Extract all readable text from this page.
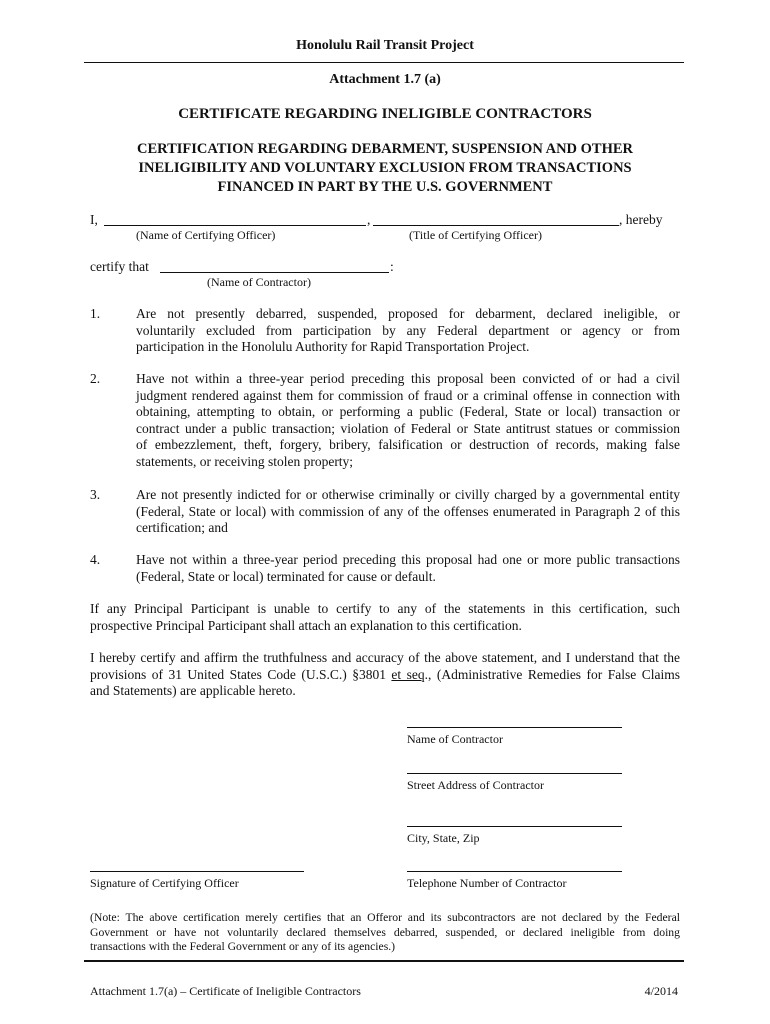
Honolulu Rail Transit Project
Attachment 1.7 (a)
CERTIFICATE REGARDING INELIGIBLE CONTRACTORS
CERTIFICATION REGARDING DEBARMENT, SUSPENSION AND OTHER
INELIGIBILITY AND VOLUNTARY EXCLUSION FROM TRANSACTIONS
FINANCED IN PART BY THE U.S. GOVERNMENT
I,	,	, hereby
(Name of Certifying Officer)	(Title of Certifying Officer)
certify that	:
(Name of Contractor)
1.	Are not presently debarred, suspended, proposed for debarment, declared ineligible, or
voluntarily excluded from participation by any Federal department or agency or from
participation in the Honolulu Authority for Rapid Transportation Project.
2.	Have not within a three-year period preceding this proposal been convicted of or had a civil
judgment rendered against them for commission of fraud or a criminal offense in connection with
obtaining, attempting to obtain, or performing a public (Federal, State or local) transaction or
contract under a public transaction; violation of Federal or State antitrust statues or commission
of embezzlement, theft, forgery, bribery, falsification or destruction of records, making false
statements, or receiving stolen property;
3.	Are not presently indicted for or otherwise criminally or civilly charged by a governmental entity
(Federal, State or local) with commission of any of the offenses enumerated in Paragraph 2 of this
certification; and
4.	Have not within a three-year period preceding this proposal had one or more public transactions
(Federal, State or local) terminated for cause or default.
If any Principal Participant is unable to certify to any of the statements in this certification, such
prospective Principal Participant shall attach an explanation to this certification.
I hereby certify and affirm the truthfulness and accuracy of the above statement, and I understand that the
provisions of 31 United States Code (U.S.C.) §3801 et seq., (Administrative Remedies for False Claims
and Statements) are applicable hereto.
Name of Contractor
Street Address of Contractor
City, State, Zip
Signature of Certifying Officer	Telephone Number of Contractor
(Note: The above certification merely certifies that an Offeror and its subcontractors are not declared by the Federal
Government or have not voluntarily declared themselves debarred, suspended, or declared ineligible from doing
transactions with the Federal Government or any of its agencies.)
Attachment 1.7(a) – Certificate of Ineligible Contractors	4/2014
